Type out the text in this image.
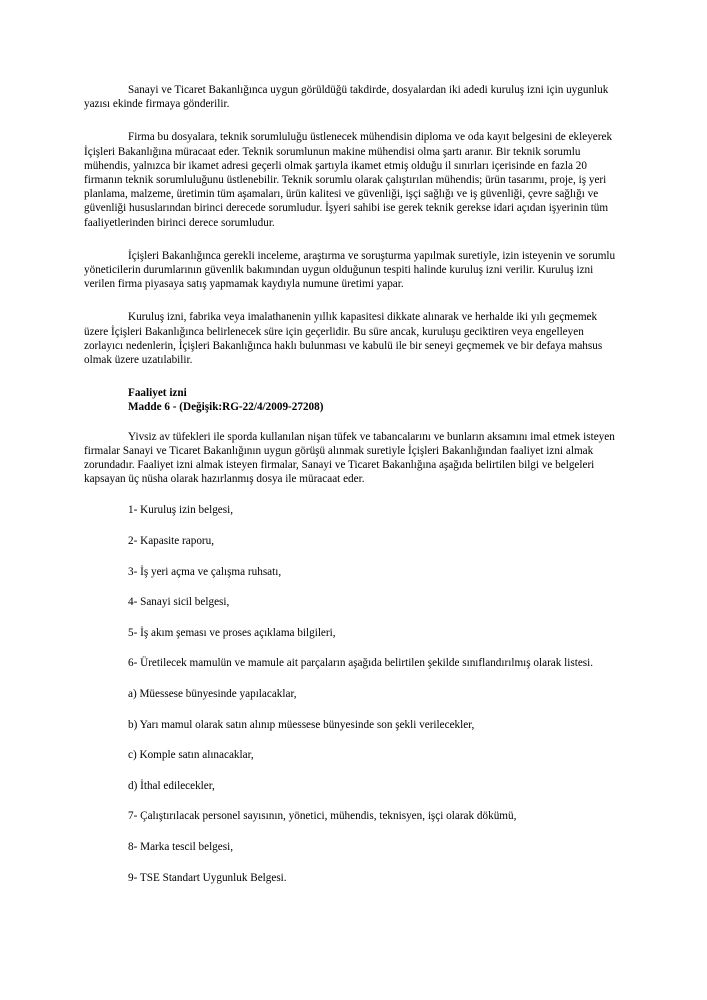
Sanayi ve Ticaret Bakanlığınca uygun görüldüğü takdirde, dosyalardan iki adedi kuruluş izni için uygunluk yazısı ekinde firmaya gönderilir.

Firma bu dosyalara, teknik sorumluluğu üstlenecek mühendisin diploma ve oda kayıt belgesini de ekleyerek İçişleri Bakanlığına müracaat eder. Teknik sorumlunun makine mühendisi olma şartı aranır. Bir teknik sorumlu mühendis, yalnızca bir ikamet adresi geçerli olmak şartıyla ikamet etmiş olduğu il sınırları içerisinde en fazla 20 firmanın teknik sorumluluğunu üstlenebilir. Teknik sorumlu olarak çalıştırılan mühendis; ürün tasarımı, proje, iş yeri planlama, malzeme, üretimin tüm aşamaları, ürün kalitesi ve güvenliği, işçi sağlığı ve iş güvenliği, çevre sağlığı ve güvenliği hususlarından birinci derecede sorumludur. İşyeri sahibi ise gerek teknik gerekse idari açıdan işyerinin tüm faaliyetlerinden birinci derece sorumludur.

İçişleri Bakanlığınca gerekli inceleme, araştırma ve soruşturma yapılmak suretiyle, izin isteyenin ve sorumlu yöneticilerin durumlarının güvenlik bakımından uygun olduğunun tespiti halinde kuruluş izni verilir. Kuruluş izni verilen firma piyasaya satış yapmamak kaydıyla numune üretimi yapar.

Kuruluş izni, fabrika veya imalathanenin yıllık kapasitesi dikkate alınarak ve herhalde iki yılı geçmemek üzere İçişleri Bakanlığınca belirlenecek süre için geçerlidir. Bu süre ancak, kuruluşu geciktiren veya engelleyen zorlayıcı nedenlerin, İçişleri Bakanlığınca haklı bulunması ve kabulü ile bir seneyi geçmemek ve bir defaya mahsus olmak üzere uzatılabilir.

Faaliyet izni
Madde 6 - (Değişik:RG-22/4/2009-27208)

Yivsiz av tüfekleri ile sporda kullanılan nişan tüfek ve tabancalarını ve bunların aksamını imal etmek isteyen firmalar Sanayi ve Ticaret Bakanlığının uygun görüşü alınmak suretiyle İçişleri Bakanlığından faaliyet izni almak zorundadır. Faaliyet izni almak isteyen firmalar, Sanayi ve Ticaret Bakanlığına aşağıda belirtilen bilgi ve belgeleri kapsayan üç nüsha olarak hazırlanmış dosya ile müracaat eder.

1- Kuruluş izin belgesi,
2- Kapasite raporu,
3- İş yeri açma ve çalışma ruhsatı,
4- Sanayi sicil belgesi,
5- İş akım şeması ve proses açıklama bilgileri,
6- Üretilecek mamulün ve mamule ait parçaların aşağıda belirtilen şekilde sınıflandırılmış olarak listesi.
a) Müessese bünyesinde yapılacaklar,
b) Yarı mamul olarak satın alınıp müessese bünyesinde son şekli verilecekler,
c) Komple satın alınacaklar,
d) İthal edilecekler,
7- Çalıştırılacak personel sayısının, yönetici, mühendis, teknisyen, işçi olarak dökümü,
8- Marka tescil belgesi,
9- TSE Standart Uygunluk Belgesi.
